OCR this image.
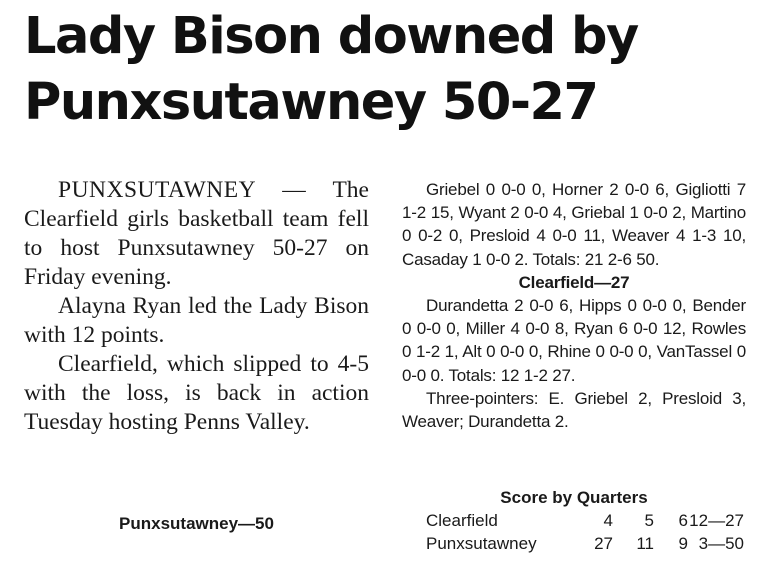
Lady Bison downed by
Punxsutawney 50-27

PUNXSUTAWNEY — The Clearfield girls basketball team fell to host Punxsutawney 50-27 on Friday evening.

Alayna Ryan led the Lady Bison with 12 points.

Clearfield, which slipped to 4-5 with the loss, is back in action Tuesday hosting Penns Valley.

Punxsutawney—50

Griebel 0 0-0 0, Horner 2 0-0 6, Gigliotti 7 1-2 15, Wyant 2 0-0 4, Griebal 1 0-0 2, Martino 0 0-2 0, Presloid 4 0-0 11, Weaver 4 1-3 10, Casaday 1 0-0 2. Totals: 21 2-6 50.

Clearfield—27

Durandetta 2 0-0 6, Hipps 0 0-0 0, Bender 0 0-0 0, Miller 4 0-0 8, Ryan 6 0-0 12, Rowles 0 1-2 1, Alt 0 0-0 0, Rhine 0 0-0 0, VanTassel 0 0-0 0. Totals: 12 1-2 27.

Three-pointers: E. Griebel 2, Presloid 3, Weaver; Durandetta 2.

Score by Quarters
Clearfield	4 5 6 12—27
Punxsutawney	27 11 9 3—50
